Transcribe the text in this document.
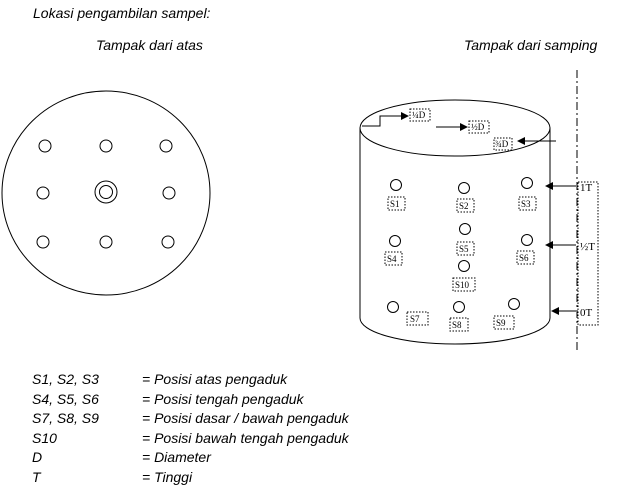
Lokasi pengambilan sampel:
Tampak dari atas	Tampak dari samping
¼D
½D
¾D
S1	S2	S3
S4
S5
S6
S10
S7
S8	S9
1T
½T
0T
S1, S2, S3	= Posisi atas pengaduk
S4, S5, S6	= Posisi tengah pengaduk
S7, S8, S9	= Posisi dasar / bawah pengaduk
S10	= Posisi bawah tengah pengaduk
D	= Diameter
T	= Tinggi
